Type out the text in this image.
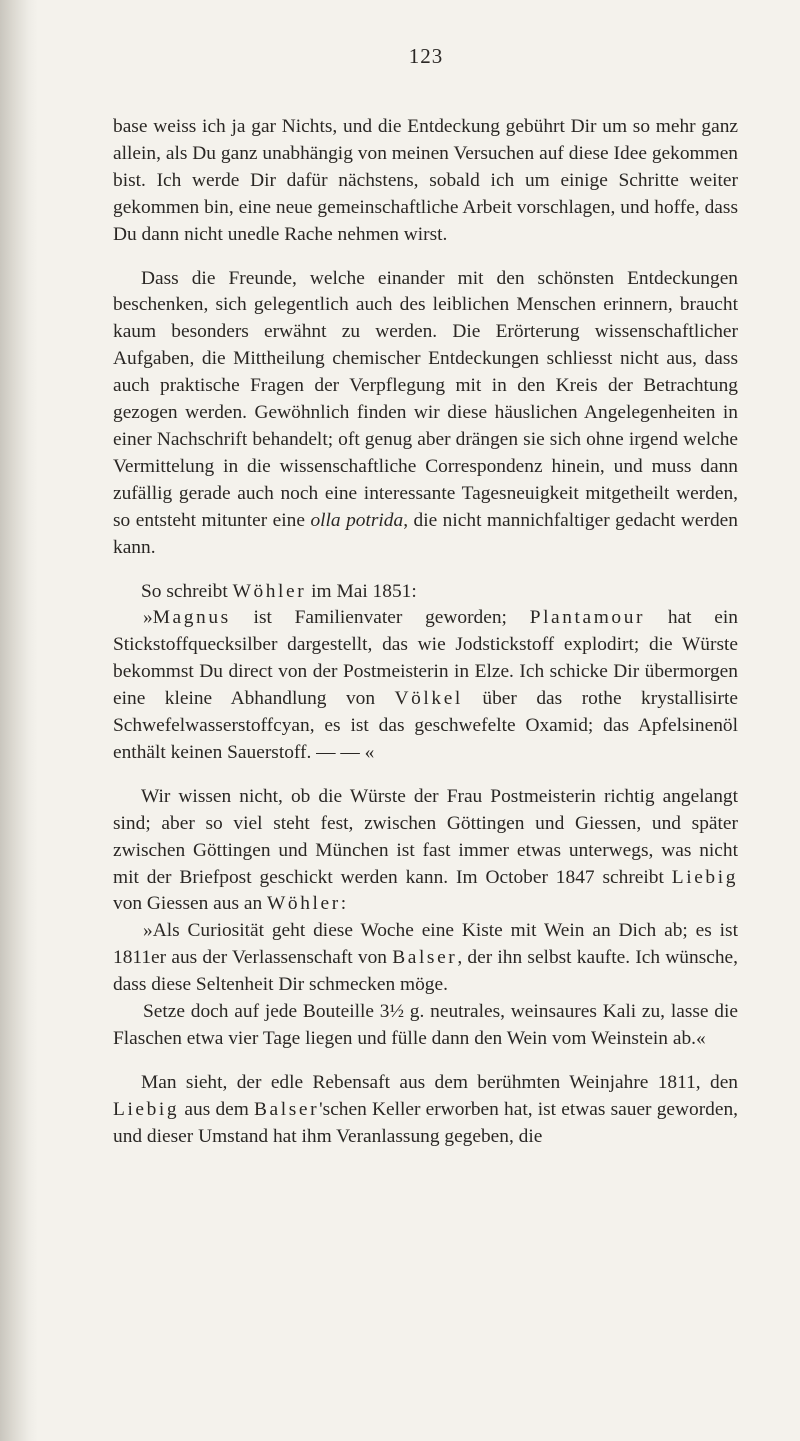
123

base weiss ich ja gar Nichts, und die Entdeckung gebührt Dir um so mehr ganz allein, als Du ganz unabhängig von meinen Versuchen auf diese Idee gekommen bist. Ich werde Dir dafür nächstens, sobald ich um einige Schritte weiter gekommen bin, eine neue gemeinschaftliche Arbeit vorschlagen, und hoffe, dass Du dann nicht unedle Rache nehmen wirst.

Dass die Freunde, welche einander mit den schönsten Entdeckungen beschenken, sich gelegentlich auch des leiblichen Menschen erinnern, braucht kaum besonders erwähnt zu werden. Die Erörterung wissenschaftlicher Aufgaben, die Mittheilung chemischer Entdeckungen schliesst nicht aus, dass auch praktische Fragen der Verpflegung mit in den Kreis der Betrachtung gezogen werden. Gewöhnlich finden wir diese häuslichen Angelegenheiten in einer Nachschrift behandelt; oft genug aber drängen sie sich ohne irgend welche Vermittelung in die wissenschaftliche Correspondenz hinein, und muss dann zufällig gerade auch noch eine interessante Tagesneuigkeit mitgetheilt werden, so entsteht mitunter eine olla potrida, die nicht mannichfaltiger gedacht werden kann.

So schreibt Wöhler im Mai 1851:

»Magnus ist Familienvater geworden; Plantamour hat ein Stickstoffquecksilber dargestellt, das wie Jodstickstoff explodirt; die Würste bekommst Du direct von der Postmeisterin in Elze. Ich schicke Dir übermorgen eine kleine Abhandlung von Völkel über das rothe krystallisirte Schwefelwasserstoffcyan, es ist das geschwefelte Oxamid; das Apfelsinenöl enthält keinen Sauerstoff. — — «

Wir wissen nicht, ob die Würste der Frau Postmeisterin richtig angelangt sind; aber so viel steht fest, zwischen Göttingen und Giessen, und später zwischen Göttingen und München ist fast immer etwas unterwegs, was nicht mit der Briefpost geschickt werden kann. Im October 1847 schreibt Liebig von Giessen aus an Wöhler:

»Als Curiosität geht diese Woche eine Kiste mit Wein an Dich ab; es ist 1811er aus der Verlassenschaft von Balser, der ihn selbst kaufte. Ich wünsche, dass diese Seltenheit Dir schmecken möge.

Setze doch auf jede Bouteille 3½ g. neutrales, weinsaures Kali zu, lasse die Flaschen etwa vier Tage liegen und fülle dann den Wein vom Weinstein ab.«

Man sieht, der edle Rebensaft aus dem berühmten Weinjahre 1811, den Liebig aus dem Balser'schen Keller erworben hat, ist etwas sauer geworden, und dieser Umstand hat ihm Veranlassung gegeben, die
